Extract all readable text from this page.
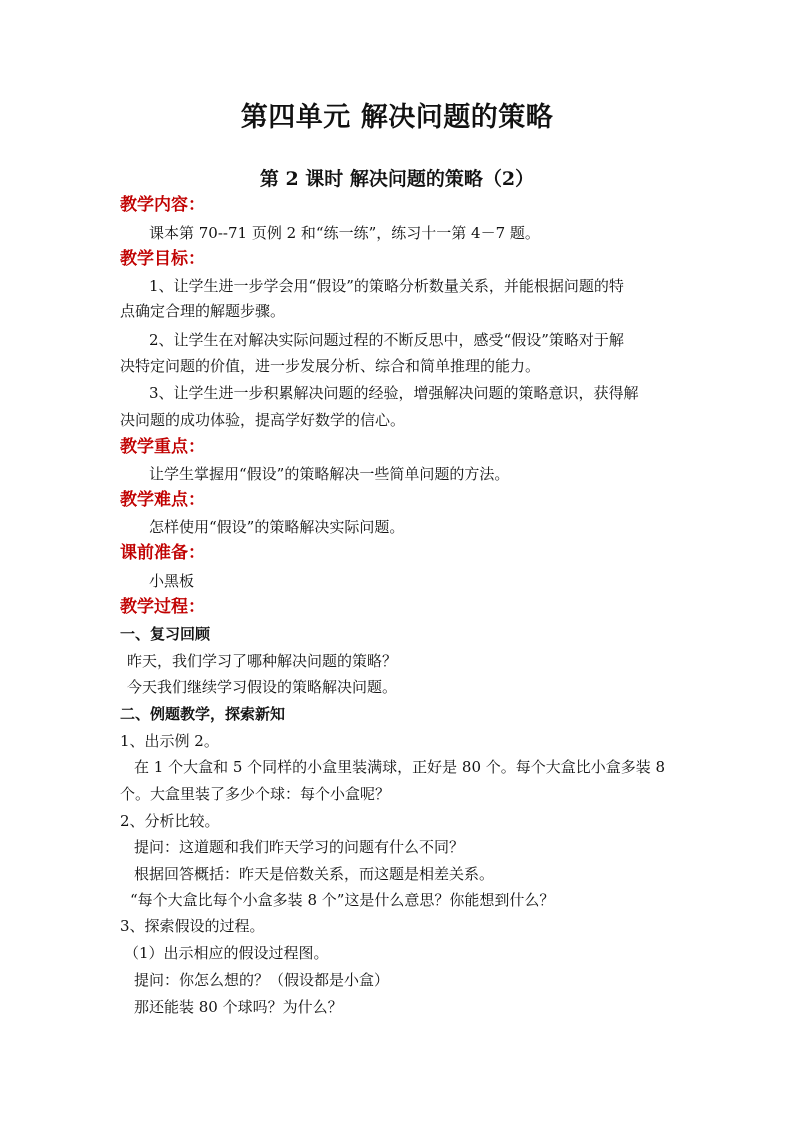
第四单元 解决问题的策略
第 2 课时 解决问题的策略（2）
教学内容：
课本第 70--71 页例 2 和“练一练”，练习十一第 4－7 题。
教学目标：
1、让学生进一步学会用“假设”的策略分析数量关系，并能根据问题的特
点确定合理的解题步骤。
2、让学生在对解决实际问题过程的不断反思中，感受“假设”策略对于解
决特定问题的价值，进一步发展分析、综合和简单推理的能力。
3、让学生进一步积累解决问题的经验，增强解决问题的策略意识，获得解
决问题的成功体验，提高学好数学的信心。
教学重点：
让学生掌握用“假设”的策略解决一些简单问题的方法。
教学难点：
怎样使用“假设”的策略解决实际问题。
课前准备：
小黑板
教学过程：
一、复习回顾
昨天，我们学习了哪种解决问题的策略？
今天我们继续学习假设的策略解决问题。
二、例题教学，探索新知
1、出示例 2。
在 1 个大盒和 5 个同样的小盒里装满球，正好是 80 个。每个大盒比小盒多装 8
个。大盒里装了多少个球：每个小盒呢？
2、分析比较。
提问：这道题和我们昨天学习的问题有什么不同？
根据回答概括：昨天是倍数关系，而这题是相差关系。
“每个大盒比每个小盒多装 8 个”这是什么意思？你能想到什么？
3、探索假设的过程。
（1）出示相应的假设过程图。
提问：你怎么想的？（假设都是小盒）
那还能装 80 个球吗？为什么？
